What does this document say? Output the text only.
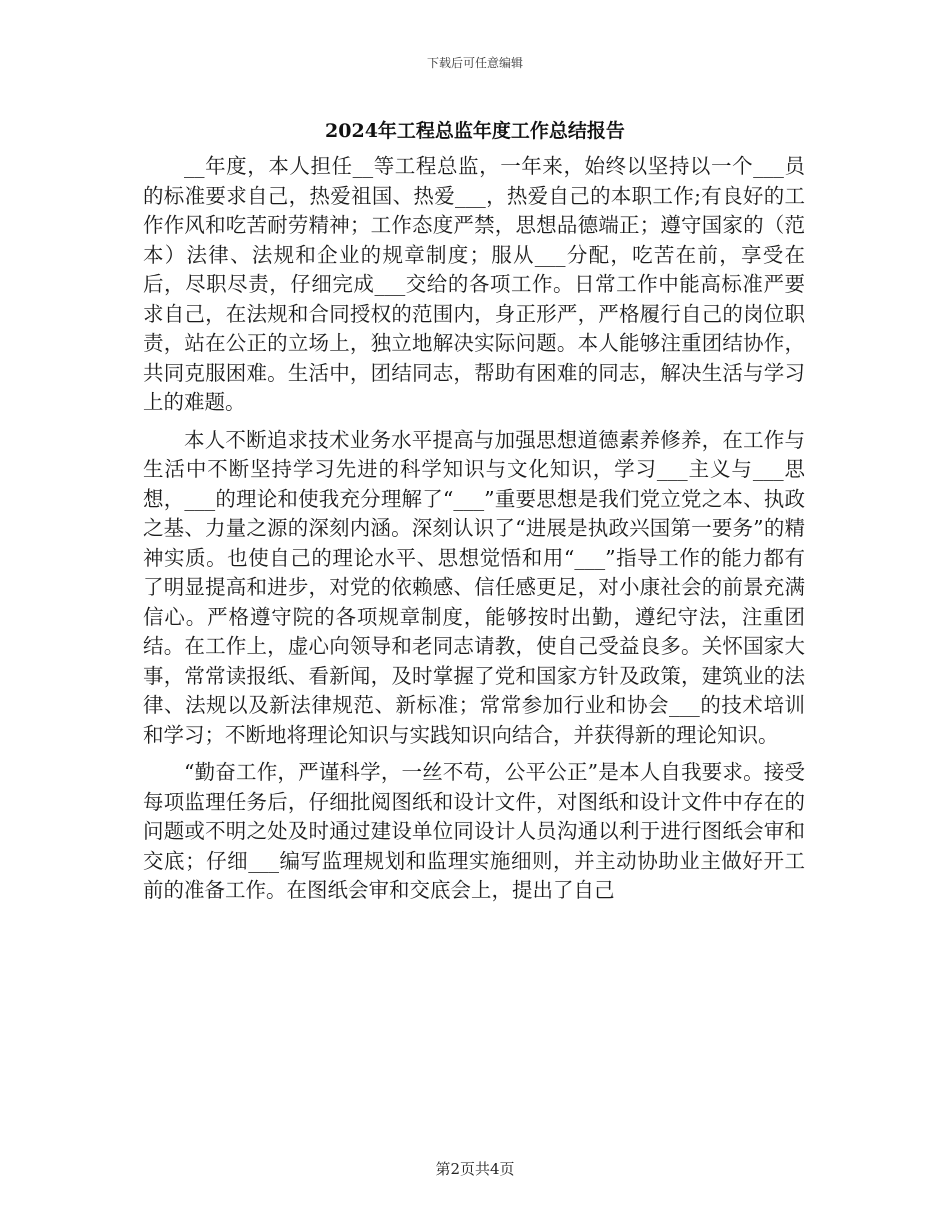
下载后可任意编辑
2024年工程总监年度工作总结报告

__年度，本人担任__等工程总监，一年来，始终以坚持以一个___员的标准要求自己，热爱祖国、热爱___，热爱自己的本职工作;有良好的工作作风和吃苦耐劳精神；工作态度严禁，思想品德端正；遵守国家的（范本）法律、法规和企业的规章制度；服从___分配，吃苦在前，享受在后，尽职尽责，仔细完成___交给的各项工作。日常工作中能高标准严要求自己，在法规和合同授权的范围内，身正形严，严格履行自己的岗位职责，站在公正的立场上，独立地解决实际问题。本人能够注重团结协作，共同克服困难。生活中，团结同志，帮助有困难的同志，解决生活与学习上的难题。

本人不断追求技术业务水平提高与加强思想道德素养修养，在工作与生活中不断坚持学习先进的科学知识与文化知识，学习___主义与___思想，___的理论和使我充分理解了“___”重要思想是我们党立党之本、执政之基、力量之源的深刻内涵。深刻认识了“进展是执政兴国第一要务”的精神实质。也使自己的理论水平、思想觉悟和用“___”指导工作的能力都有了明显提高和进步，对党的依赖感、信任感更足，对小康社会的前景充满信心。严格遵守院的各项规章制度，能够按时出勤，遵纪守法，注重团结。在工作上，虚心向领导和老同志请教，使自己受益良多。关怀国家大事，常常读报纸、看新闻，及时掌握了党和国家方针及政策，建筑业的法律、法规以及新法律规范、新标准；常常参加行业和协会___的技术培训和学习；不断地将理论知识与实践知识向结合，并获得新的理论知识。

“勤奋工作，严谨科学，一丝不苟，公平公正”是本人自我要求。接受每项监理任务后，仔细批阅图纸和设计文件，对图纸和设计文件中存在的问题或不明之处及时通过建设单位同设计人员沟通以利于进行图纸会审和交底；仔细___编写监理规划和监理实施细则，并主动协助业主做好开工前的准备工作。在图纸会审和交底会上，提出了自己

第2页共4页
